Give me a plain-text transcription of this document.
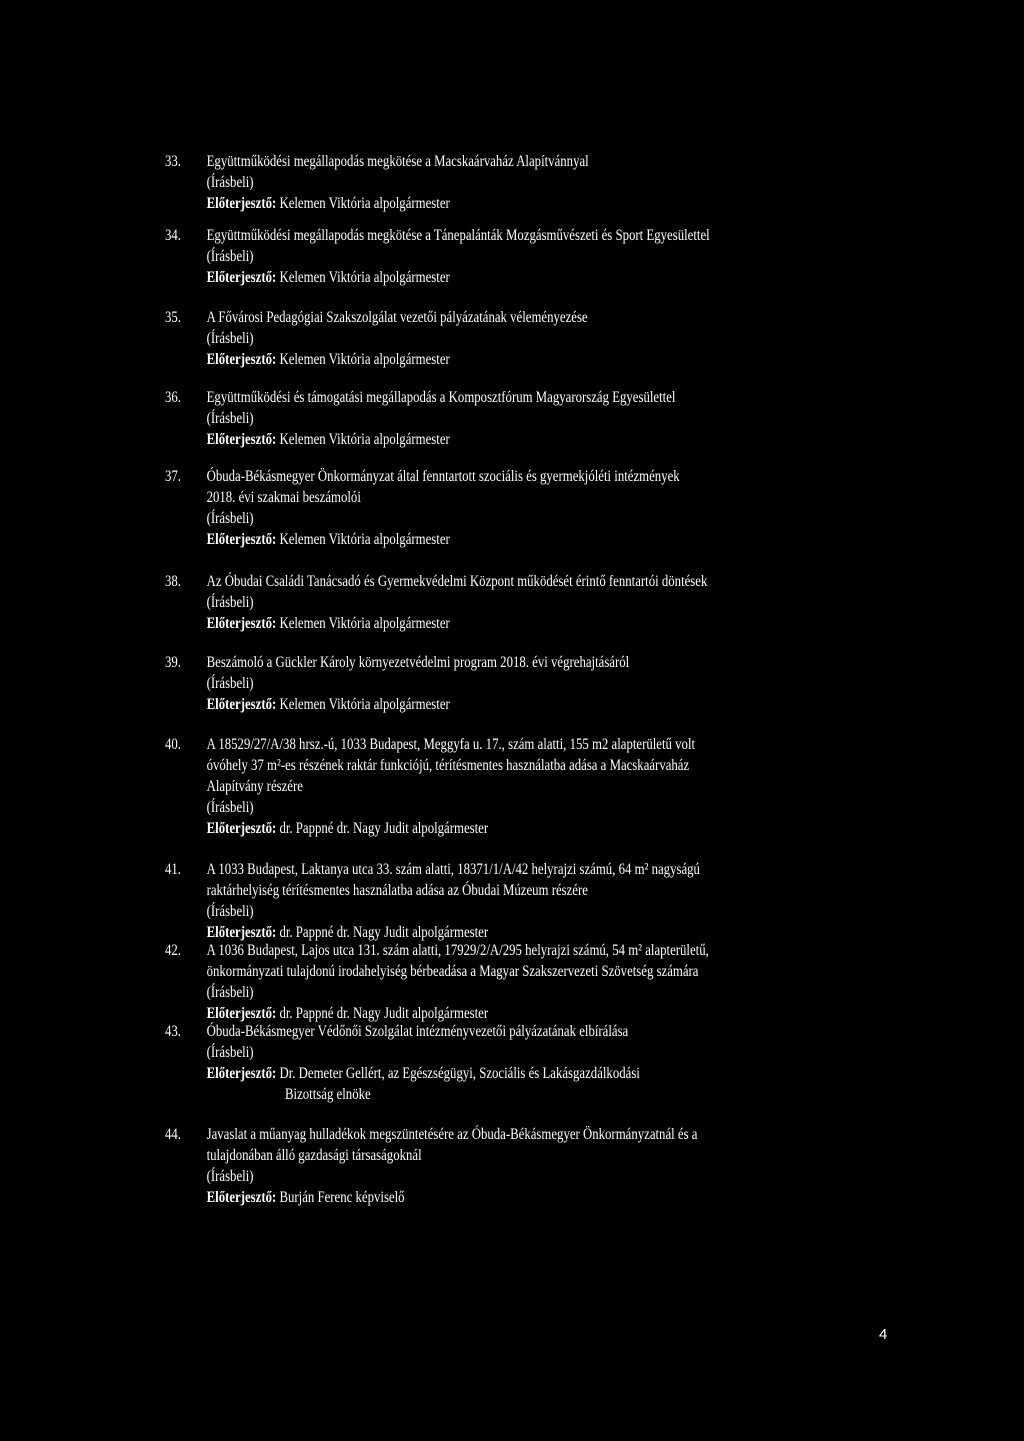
33. Együttműködési megállapodás megkötése a Macskaárvaház Alapítvánnyal
(Írásbeli)
Előterjesztő: Kelemen Viktória alpolgármester
34. Együttműködési megállapodás megkötése a Tánepalánták Mozgásművészeti és Sport Egyesülettel
(Írásbeli)
Előterjesztő: Kelemen Viktória alpolgármester
35. A Fővárosi Pedagógiai Szakszolgálat vezetői pályázatának véleményezése
(Írásbeli)
Előterjesztő: Kelemen Viktória alpolgármester
36. Együttműködési és támogatási megállapodás a Komposztfórum Magyarország Egyesülettel
(Írásbeli)
Előterjesztő: Kelemen Viktória alpolgármester
37. Óbuda-Békásmegyer Önkormányzat által fenntartott szociális és gyermekjóléti intézmények
2018. évi szakmai beszámolói
(Írásbeli)
Előterjesztő: Kelemen Viktória alpolgármester
38. Az Óbudai Családi Tanácsadó és Gyermekvédelmi Központ működését érintő fenntartói döntések
(Írásbeli)
Előterjesztő: Kelemen Viktória alpolgármester
39. Beszámoló a Gückler Károly környezetvédelmi program 2018. évi végrehajtásáról
(Írásbeli)
Előterjesztő: Kelemen Viktória alpolgármester
40. A 18529/27/A/38 hrsz.-ú, 1033 Budapest, Meggyfa u. 17., szám alatti, 155 m2 alapterületű volt
óvóhely 37 m²-es részének raktár funkciójú, térítésmentes használatba adása a Macskaárvaház
Alapítvány részére
(Írásbeli)
Előterjesztő: dr. Pappné dr. Nagy Judit alpolgármester
41. A 1033 Budapest, Laktanya utca 33. szám alatti, 18371/1/A/42 helyrajzi számú, 64 m² nagyságú
raktárhelyiség térítésmentes használatba adása az Óbudai Múzeum részére
(Írásbeli)
Előterjesztő: dr. Pappné dr. Nagy Judit alpolgármester
42. A 1036 Budapest, Lajos utca 131. szám alatti, 17929/2/A/295 helyrajzi számú, 54 m² alapterületű,
önkormányzati tulajdonú irodahelyiség bérbeadása a Magyar Szakszervezeti Szövetség számára
(Írásbeli)
Előterjesztő: dr. Pappné dr. Nagy Judit alpolgármester
43. Óbuda-Békásmegyer Védőnői Szolgálat intézményvezetői pályázatának elbírálása
(Írásbeli)
Előterjesztő: Dr. Demeter Gellért, az Egészségügyi, Szociális és Lakásgazdálkodási
Bizottság elnöke
44. Javaslat a műanyag hulladékok megszüntetésére az Óbuda-Békásmegyer Önkormányzatnál és a
tulajdonában álló gazdasági társaságoknál
(Írásbeli)
Előterjesztő: Burján Ferenc képviselő
4
